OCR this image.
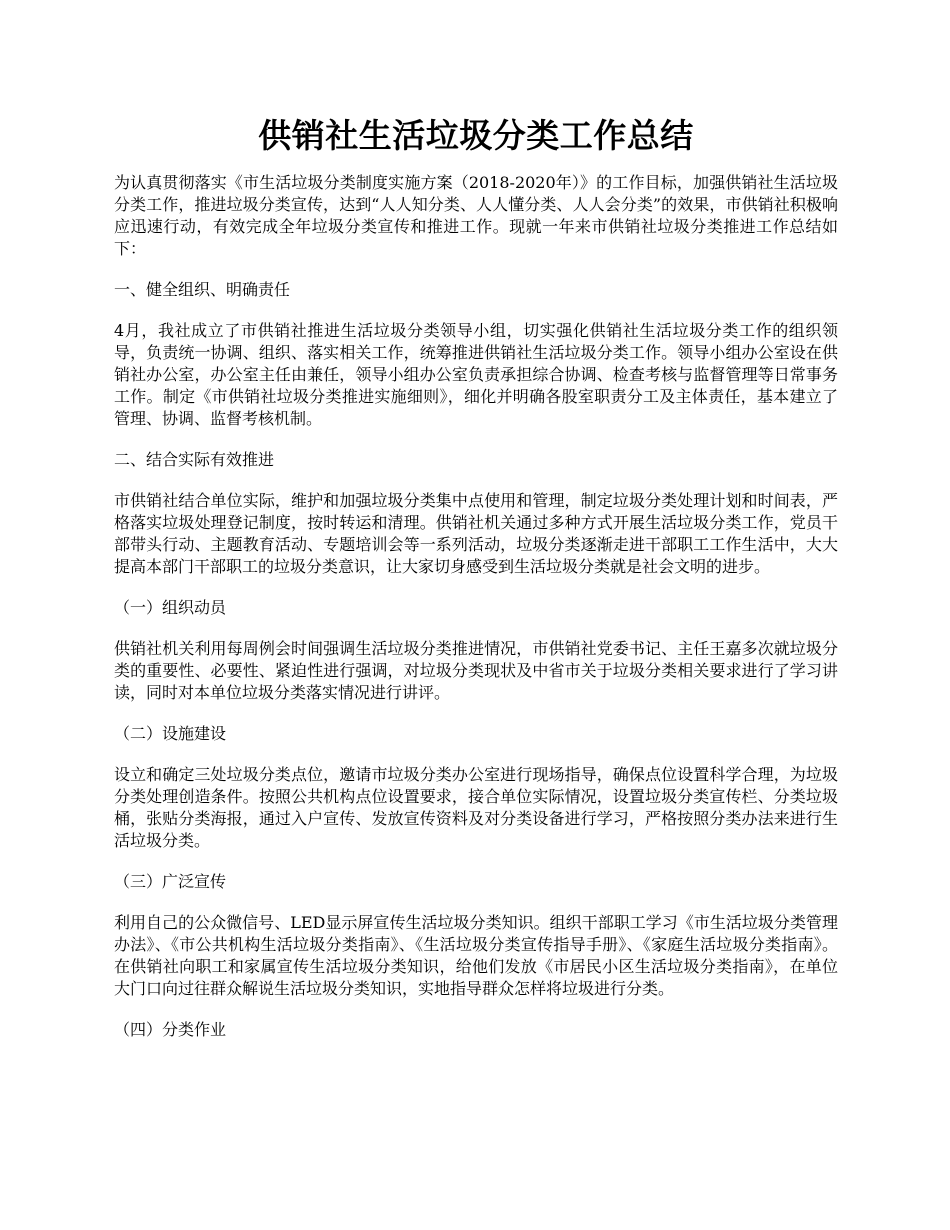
供销社生活垃圾分类工作总结

为认真贯彻落实《市生活垃圾分类制度实施方案（2018-2020年）》的工作目标，加强供销社生活垃圾分类工作，推进垃圾分类宣传，达到“人人知分类、人人懂分类、人人会分类”的效果，市供销社积极响应迅速行动，有效完成全年垃圾分类宣传和推进工作。现就一年来市供销社垃圾分类推进工作总结如下：

一、健全组织、明确责任

4月，我社成立了市供销社推进生活垃圾分类领导小组，切实强化供销社生活垃圾分类工作的组织领导，负责统一协调、组织、落实相关工作，统筹推进供销社生活垃圾分类工作。领导小组办公室设在供销社办公室，办公室主任由兼任，领导小组办公室负责承担综合协调、检查考核与监督管理等日常事务工作。制定《市供销社垃圾分类推进实施细则》，细化并明确各股室职责分工及主体责任，基本建立了管理、协调、监督考核机制。

二、结合实际有效推进

市供销社结合单位实际，维护和加强垃圾分类集中点使用和管理，制定垃圾分类处理计划和时间表，严格落实垃圾处理登记制度，按时转运和清理。供销社机关通过多种方式开展生活垃圾分类工作，党员干部带头行动、主题教育活动、专题培训会等一系列活动，垃圾分类逐渐走进干部职工工作生活中，大大提高本部门干部职工的垃圾分类意识，让大家切身感受到生活垃圾分类就是社会文明的进步。

（一）组织动员

供销社机关利用每周例会时间强调生活垃圾分类推进情况，市供销社党委书记、主任王嘉多次就垃圾分类的重要性、必要性、紧迫性进行强调，对垃圾分类现状及中省市关于垃圾分类相关要求进行了学习讲读，同时对本单位垃圾分类落实情况进行讲评。

（二）设施建设

设立和确定三处垃圾分类点位，邀请市垃圾分类办公室进行现场指导，确保点位设置科学合理，为垃圾分类处理创造条件。按照公共机构点位设置要求，接合单位实际情况，设置垃圾分类宣传栏、分类垃圾桶，张贴分类海报，通过入户宣传、发放宣传资料及对分类设备进行学习，严格按照分类办法来进行生活垃圾分类。

（三）广泛宣传

利用自己的公众微信号、LED显示屏宣传生活垃圾分类知识。组织干部职工学习《市生活垃圾分类管理办法》、《市公共机构生活垃圾分类指南》、《生活垃圾分类宣传指导手册》、《家庭生活垃圾分类指南》。在供销社向职工和家属宣传生活垃圾分类知识，给他们发放《市居民小区生活垃圾分类指南》，在单位大门口向过往群众解说生活垃圾分类知识，实地指导群众怎样将垃圾进行分类。

（四）分类作业
